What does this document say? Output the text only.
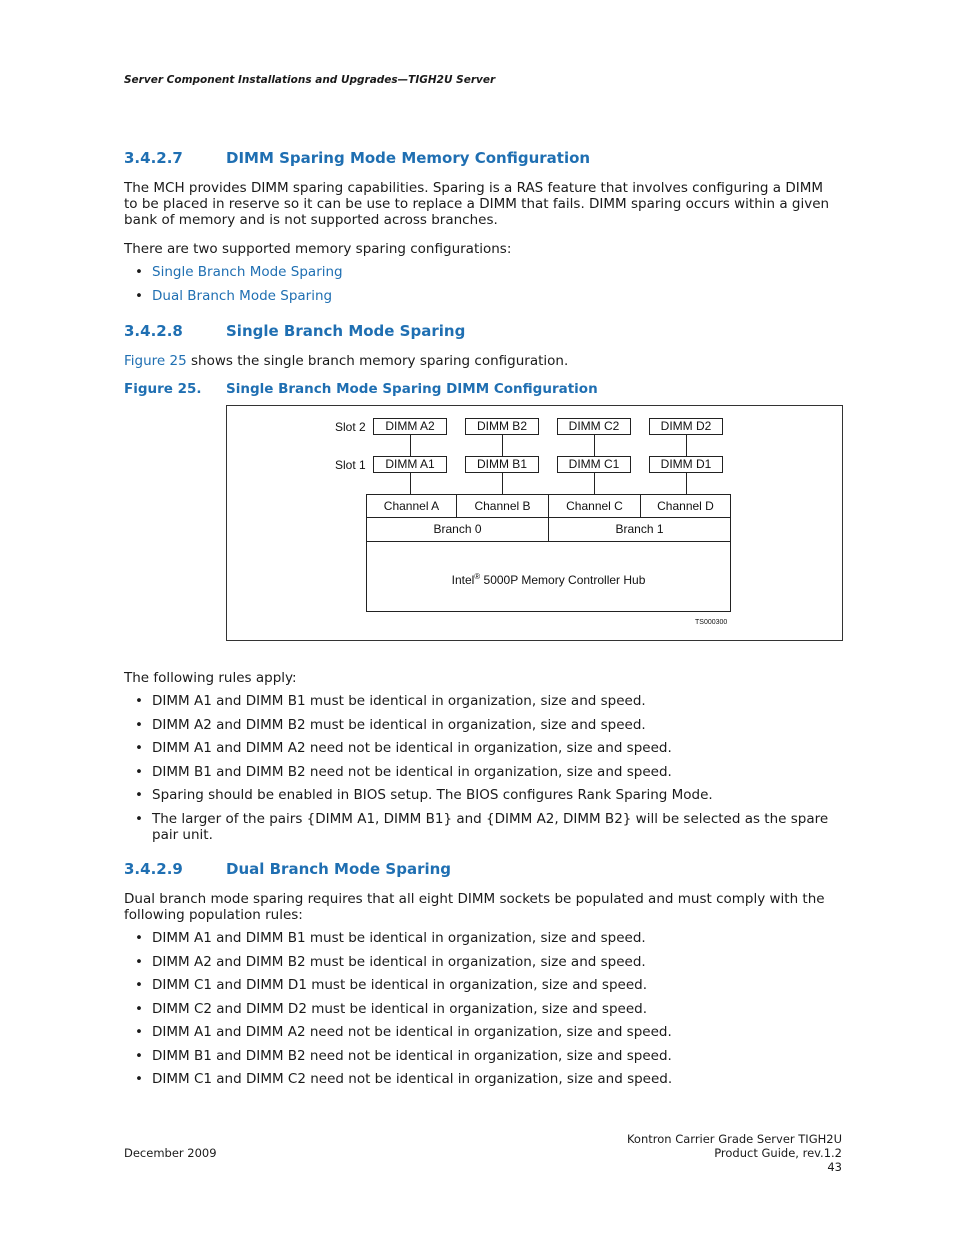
Server Component Installations and Upgrades—TIGH2U Server
3.4.2.7	DIMM Sparing Mode Memory Configuration
The MCH provides DIMM sparing capabilities. Sparing is a RAS feature that involves configuring a DIMM to be placed in reserve so it can be use to replace a DIMM that fails. DIMM sparing occurs within a given bank of memory and is not supported across branches.
There are two supported memory sparing configurations:
• Single Branch Mode Sparing
• Dual Branch Mode Sparing
3.4.2.8	Single Branch Mode Sparing
Figure 25 shows the single branch memory sparing configuration.
Figure 25. Single Branch Mode Sparing DIMM Configuration
Slot 2
Slot 1
DIMM A2	DIMM B2	DIMM C2	DIMM D2
DIMM A1	DIMM B1	DIMM C1	DIMM D1
Channel A	Channel B	Channel C	Channel D
Branch 0	Branch 1
Intel® 5000P Memory Controller Hub
TS000300
The following rules apply:
• DIMM A1 and DIMM B1 must be identical in organization, size and speed.
• DIMM A2 and DIMM B2 must be identical in organization, size and speed.
• DIMM A1 and DIMM A2 need not be identical in organization, size and speed.
• DIMM B1 and DIMM B2 need not be identical in organization, size and speed.
• Sparing should be enabled in BIOS setup. The BIOS configures Rank Sparing Mode.
• The larger of the pairs {DIMM A1, DIMM B1} and {DIMM A2, DIMM B2} will be selected as the spare pair unit.
3.4.2.9	Dual Branch Mode Sparing
Dual branch mode sparing requires that all eight DIMM sockets be populated and must comply with the following population rules:
• DIMM A1 and DIMM B1 must be identical in organization, size and speed.
• DIMM A2 and DIMM B2 must be identical in organization, size and speed.
• DIMM C1 and DIMM D1 must be identical in organization, size and speed.
• DIMM C2 and DIMM D2 must be identical in organization, size and speed.
• DIMM A1 and DIMM A2 need not be identical in organization, size and speed.
• DIMM B1 and DIMM B2 need not be identical in organization, size and speed.
• DIMM C1 and DIMM C2 need not be identical in organization, size and speed.
December 2009
Kontron Carrier Grade Server TIGH2U
Product Guide, rev.1.2
43
